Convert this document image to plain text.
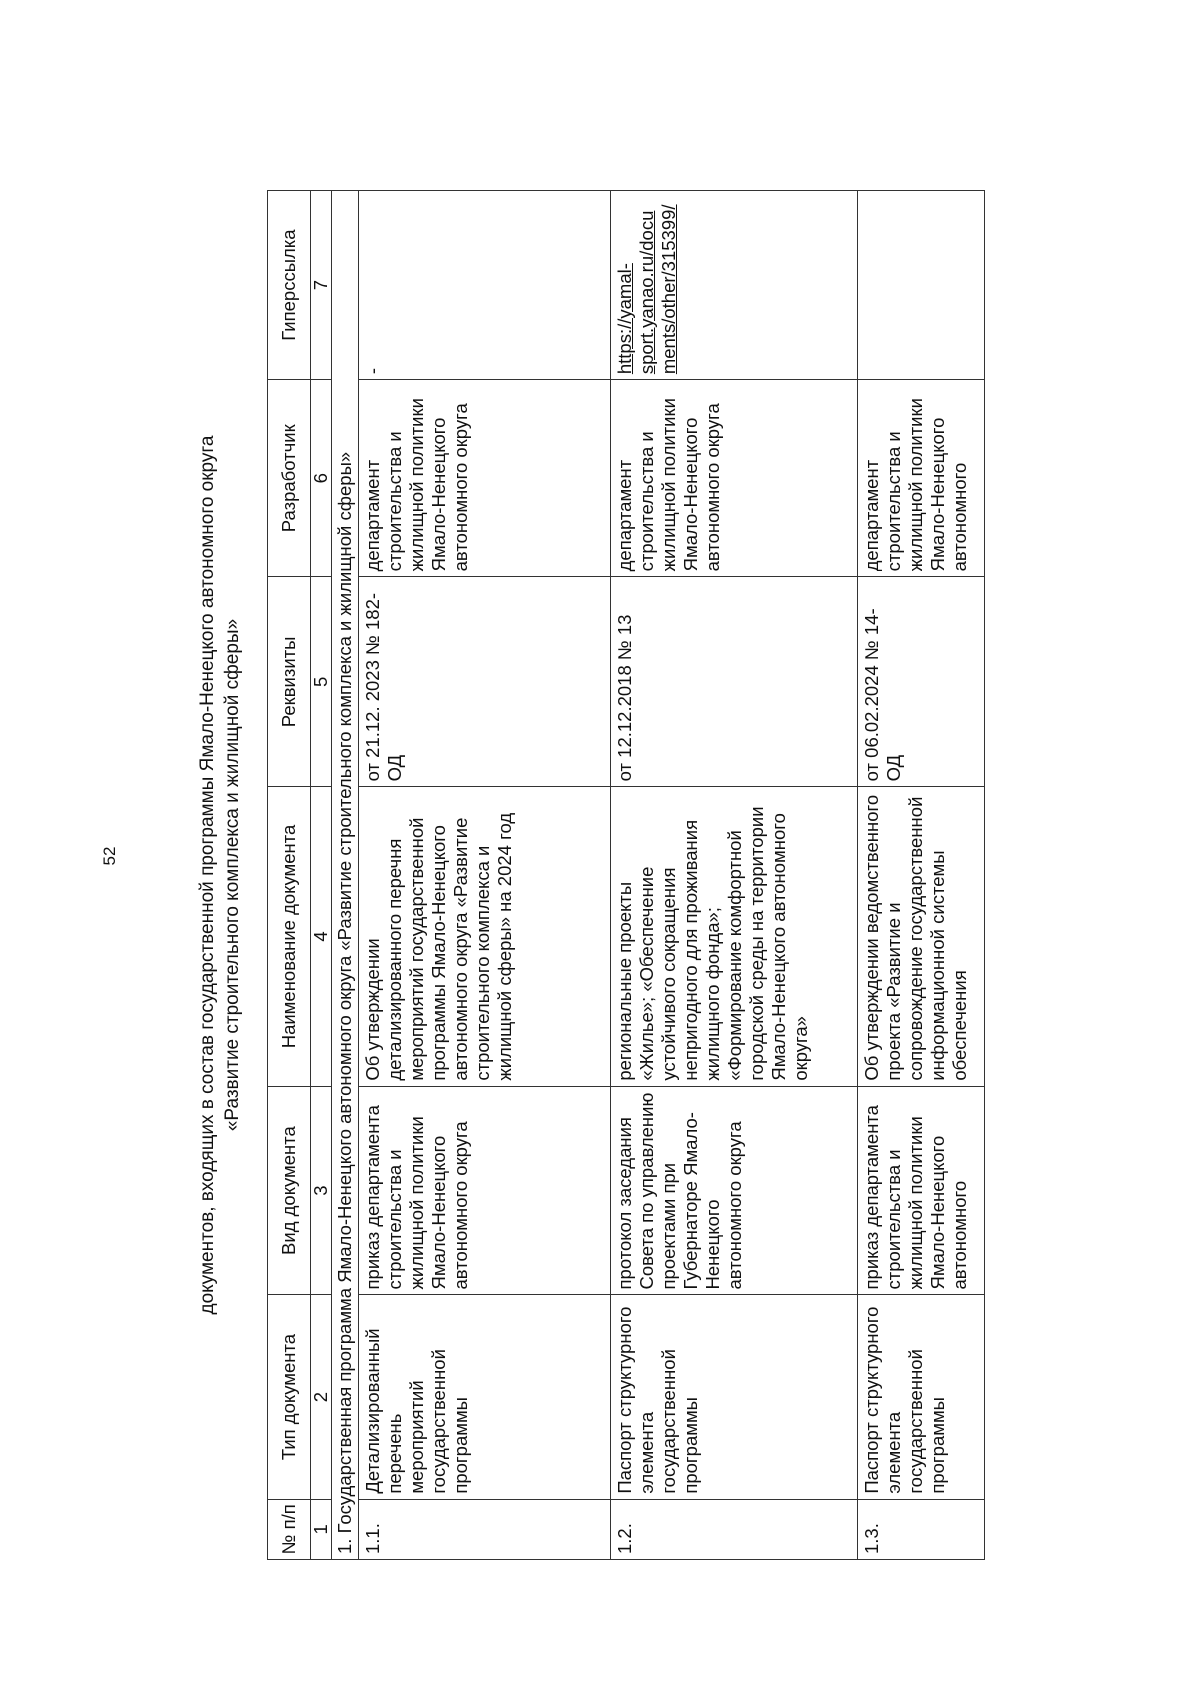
52	документов, входящих в состав государственной программы Ямало-Ненецкого автономного округа «Развитие строительного комплекса и жилищной сферы»
№ п/п	Тип документа	Вид документа	Наименование документа	Реквизиты	Разработчик	Гиперссылка
1	2	3	4	5	6	7
1. Государственная программа Ямало-Ненецкого автономного округа «Развитие строительного комплекса и жилищной сферы»						
1.1.	Детализированный перечень мероприятий государственной программы	приказ департамента строительства и жилищной политики Ямало-Ненецкого автономного округа	Об утверждении детализированного перечня мероприятий государственной программы Ямало-Ненецкого автономного округа «Развитие строительного комплекса и жилищной сферы» на 2024 год	от 21.12. 2023 № 182-ОД	департамент строительства и жилищной политики Ямало-Ненецкого автономного округа	-
1.2.	Паспорт структурного элемента государственной программы	протокол заседания Совета по управлению проектами при Губернаторе Ямало-Ненецкого автономного округа	региональные проекты «Жилье»; «Обеспечение устойчивого сокращения непригодного для проживания жилищного фонда»; «Формирование комфортной городской среды на территории Ямало-Ненецкого автономного округа»	от 12.12.2018 № 13	департамент строительства и жилищной политики Ямало-Ненецкого автономного округа	https://yamal-sport.yanao.ru/documents/other/315399/

1.3.	Паспорт структурного элемента государственной программы	приказ департамента строительства и жилищной политики Ямало-Ненецкого автономного	Об утверждении ведомственного проекта «Развитие и сопровождение государственной информационной системы обеспечения	от 06.02.2024 № 14-ОД	департамент строительства и жилищной политики Ямало-Ненецкого автономного	
